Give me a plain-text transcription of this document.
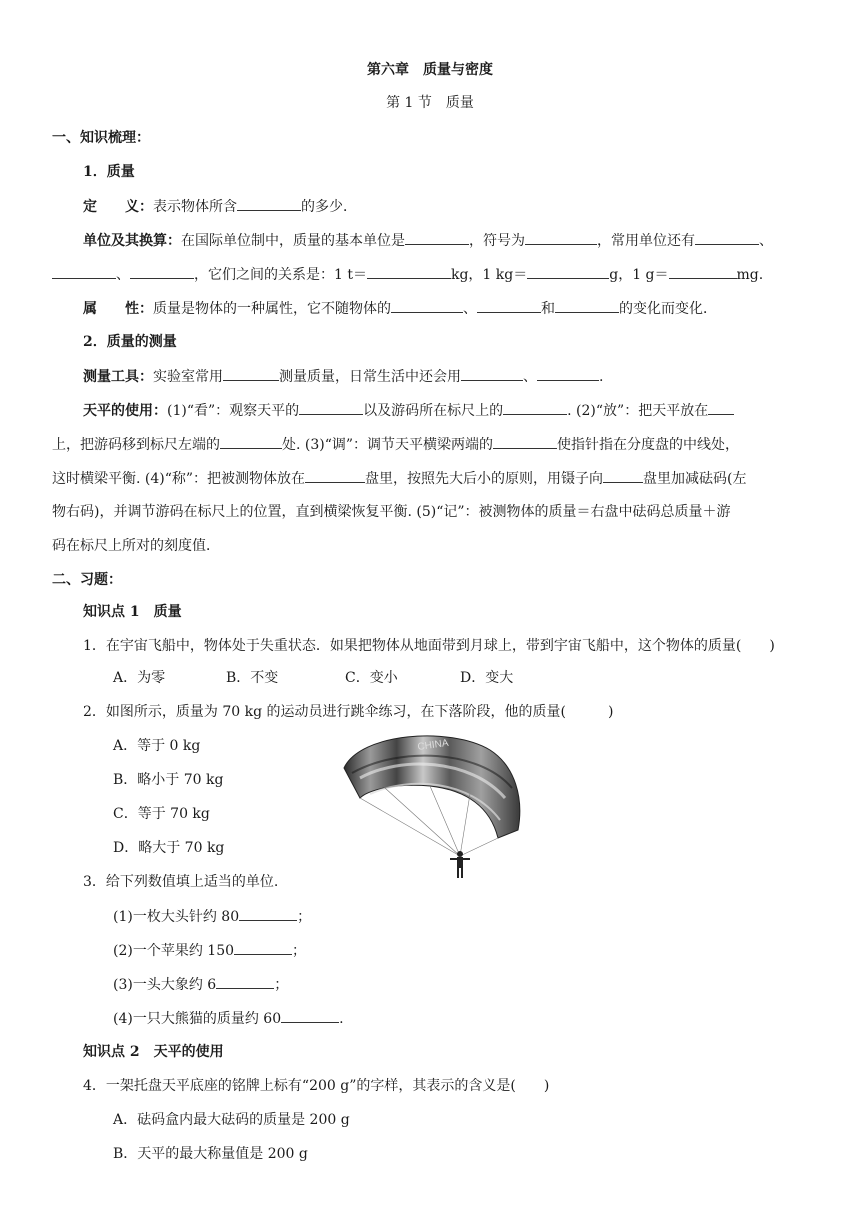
第六章　质量与密度
第 1 节　质量
一、知识梳理：
1．质量
定　　义：表示物体所含	的多少．
单位及其换算：在国际单位制中，质量的基本单位是	，符号为	，常用单位还有	、
、	，它们之间的关系是：1 t＝	kg，1 kg＝	g，1 g＝	mg.
属　　性：质量是物体的一种属性，它不随物体的	、	和	的变化而变化．
2．质量的测量
测量工具：实验室常用	测量质量，日常生活中还会用	、	.
天平的使用：(1)“看”：观察天平的	以及游码所在标尺上的	. (2)“放”：把天平放在
上，把游码移到标尺左端的	处. (3)“调”：调节天平横梁两端的	使指针指在分度盘的中线处，
这时横梁平衡. (4)“称”：把被测物体放在	盘里，按照先大后小的原则，用镊子向	盘里加减砝码(左
物右码)，并调节游码在标尺上的位置，直到横梁恢复平衡. (5)“记”：被测物体的质量＝右盘中砝码总质量＋游
码在标尺上所对的刻度值．
二、习题：
知识点 1　质量
1．在宇宙飞船中，物体处于失重状态．如果把物体从地面带到月球上，带到宇宙飞船中，这个物体的质量(　　)
A．为零	B．不变	C．变小	D．变大
2．如图所示，质量为 70 kg 的运动员进行跳伞练习，在下落阶段，他的质量(　　　)
A．等于 0 kg
B．略小于 70 kg
C．等于 70 kg
D．略大于 70 kg
CHINA
3．给下列数值填上适当的单位.
(1)一枚大头针约 80	；
(2)一个苹果约 150	；
(3)一头大象约 6	；
(4)一只大熊猫的质量约 60	.
知识点 2　天平的使用
4．一架托盘天平底座的铭牌上标有“200 g”的字样，其表示的含义是(　　)
A．砝码盒内最大砝码的质量是 200 g
B．天平的最大称量值是 200 g
